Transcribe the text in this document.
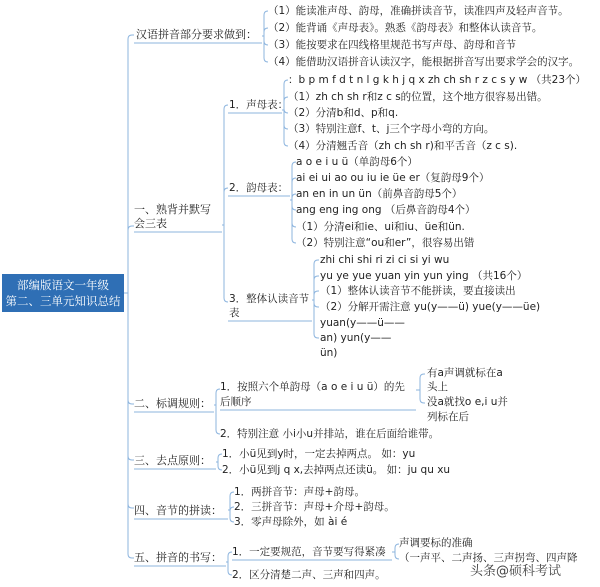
部编版语文一年级
第二、三单元知识总结
汉语拼音部分要求做到：
（1）能读准声母、韵母，准确拼读音节，读准四声及轻声音节。
（2）能背诵《声母表》。熟悉《韵母表》和整体认读音节。
（3）能按要求在四线格里规范书写声母、韵母和音节
（4）能借助汉语拼音认读汉字，能根据拼音写出要求学会的汉字。
一、熟背并默写
会三表
1．声母表：
：b p m f d t n l g k h j q x zh ch sh r z c s y w （共23个）
（1）zh ch sh r和z c s的位置，这个地方很容易出错。
（2）分清b和d、p和q.
（3）特别注意f、t、j三个字母小弯的方向。
（4）分清翘舌音（zh ch sh r)和平舌音（z c s).
2．韵母表：
a o e i u ü（单韵母6个）
ai ei ui ao ou iu ie üe er（复韵母9个）
an en in un ün（前鼻音韵母5个）
ang eng ing ong （后鼻音韵母4个）
（1）分清ei和ie、ui和iu、üe和ün.
（2）特别注意“ou和er”，很容易出错
3．整体认读音节
表
zhi chi shi ri zi ci si yi wu
yu ye yue yuan yin yun ying （共16个）
（1）整体认读音节不能拼读，要直接读出
（2）分解开需注意 yu(y——ü) yue(y——üe)
yuan(y——ü——
an) yun(y——
ün)
二、标调规则：
1．按照六个单韵母（a o e i u ü）的先
后顺序
有a声调就标在a
头上
没a就找o e,i u并
列标在后
2．特别注意 小i小u并排站，谁在后面给谁带。
三、去点原则： 1．小ü见到y时，一定去掉两点。 如：yu
2．小ü见到j q x,去掉两点还读ü。 如：ju qu xu
四、音节的拼读：
1．两拼音节：声母+韵母。
2．三拼音节：声母+介母+韵母。
3．零声母除外，如 ài é
五、拼音的书写： 1．一定要规范，音节要写得紧凑
声调要标的准确
（一声平、二声扬、三声拐弯、四声降
2．区分清楚二声、三声和四声。	头条@硕科考试
